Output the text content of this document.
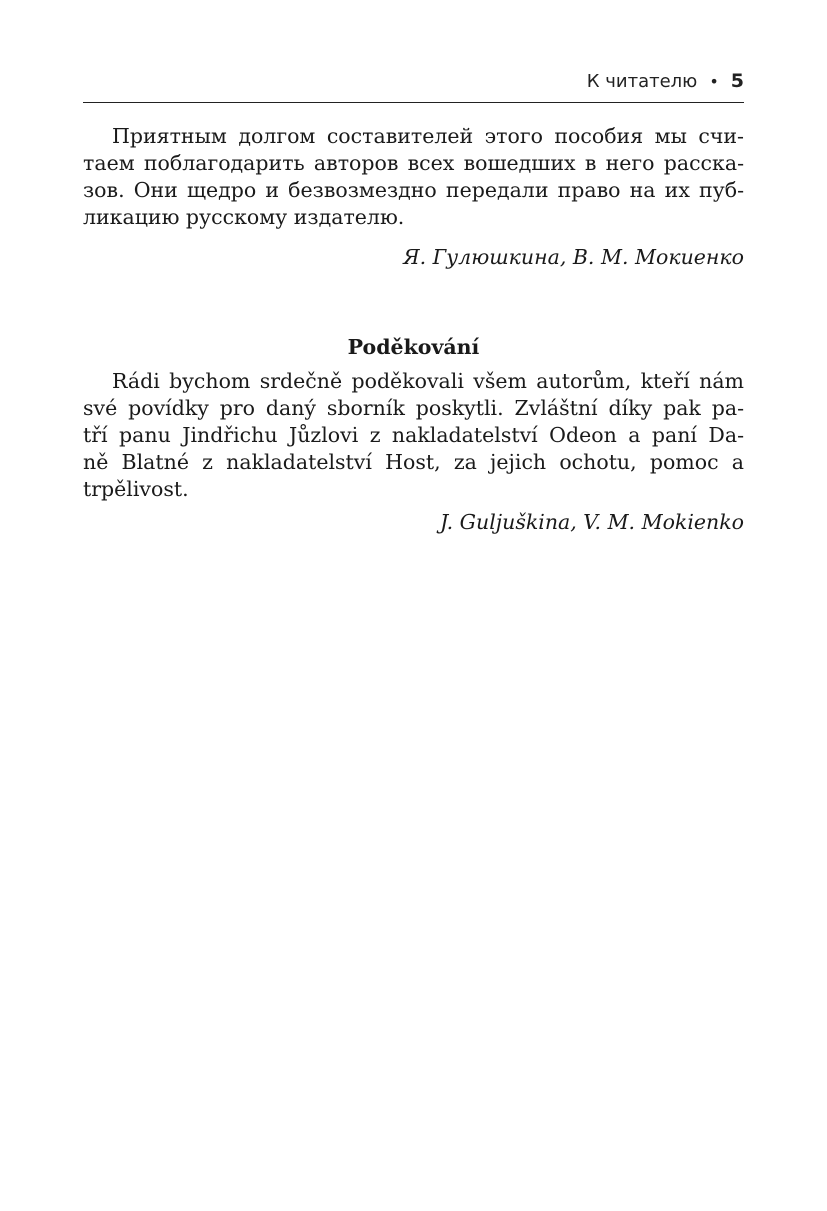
К читателю • 5
Приятным долгом составителей этого пособия мы счи-
таем поблагодарить авторов всех вошедших в него расска-
зов. Они щедро и безвозмездно передали право на их пуб-
ликацию русскому издателю.
Я. Гулюшкина, В. М. Мокиенко
Poděkování
Rádi bychom srdečně poděkovali všem autorům, kteří nám
své povídky pro daný sborník poskytli. Zvláštní díky pak pa-
tří panu Jindřichu Jůzlovi z nakladatelství Odeon a paní Da-
ně Blatné z nakladatelství Host, za jejich ochotu, pomoc a
trpělivost.
J. Guljuškina, V. M. Mokienko
